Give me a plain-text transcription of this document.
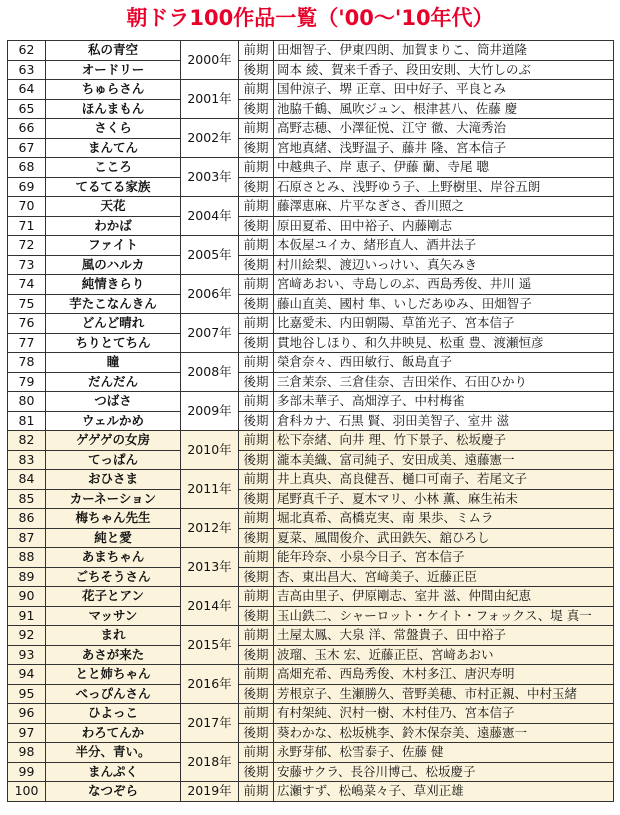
朝ドラ100作品一覧（'00〜'10年代）
62	私の青空	2000年	前期	田畑智子、伊東四朗、加賀まりこ、筒井道隆
63	オードリー		後期	岡本 綾、賀来千香子、段田安則、大竹しのぶ
64	ちゅらさん	2001年	前期	国仲涼子、堺 正章、田中好子、平良とみ
65	ほんまもん		後期	池脇千鶴、風吹ジュン、根津甚八、佐藤 慶
66	さくら	2002年	前期	高野志穂、小澤征悦、江守 徹、大滝秀治
67	まんてん		後期	宮地真緒、浅野温子、藤井 隆、宮本信子
68	こころ	2003年	前期	中越典子、岸 恵子、伊藤 蘭、寺尾 聰
69	てるてる家族		後期	石原さとみ、浅野ゆう子、上野樹里、岸谷五朗
70	天花	2004年	前期	藤澤恵麻、片平なぎさ、香川照之
71	わかば		後期	原田夏希、田中裕子、内藤剛志
72	ファイト	2005年	前期	本仮屋ユイカ、緒形直人、酒井法子
73	風のハルカ		後期	村川絵梨、渡辺いっけい、真矢みき
74	純情きらり	2006年	前期	宮﨑あおい、寺島しのぶ、西島秀俊、井川 遥
75	芋たこなんきん		後期	藤山直美、國村 隼、いしだあゆみ、田畑智子
76	どんど晴れ	2007年	前期	比嘉愛未、内田朝陽、草笛光子、宮本信子
77	ちりとてちん		後期	貫地谷しほり、和久井映見、松重 豊、渡瀬恒彦
78	瞳	2008年	前期	榮倉奈々、西田敏行、飯島直子
79	だんだん		後期	三倉茉奈、三倉佳奈、吉田栄作、石田ひかり
80	つばさ	2009年	前期	多部未華子、高畑淳子、中村梅雀
81	ウェルかめ		後期	倉科カナ、石黒 賢、羽田美智子、室井 滋
82	ゲゲゲの女房	2010年	前期	松下奈緒、向井 理、竹下景子、松坂慶子
83	てっぱん		後期	瀧本美織、富司純子、安田成美、遠藤憲一
84	おひさま	2011年	前期	井上真央、高良健吾、樋口可南子、若尾文子
85	カーネーション		後期	尾野真千子、夏木マリ、小林 薫、麻生祐未
86	梅ちゃん先生	2012年	前期	堀北真希、高橋克実、南 果歩、ミムラ
87	純と愛		後期	夏菜、風間俊介、武田鉄矢、舘ひろし
88	あまちゃん	2013年	前期	能年玲奈、小泉今日子、宮本信子
89	ごちそうさん		後期	杏、東出昌大、宮﨑美子、近藤正臣
90	花子とアン	2014年	前期	吉高由里子、伊原剛志、室井 滋、仲間由紀恵
91	マッサン		後期	玉山鉄二、シャーロット・ケイト・フォックス、堤 真一
92	まれ	2015年	前期	土屋太鳳、大泉 洋、常盤貴子、田中裕子
93	あさが来た		後期	波瑠、玉木 宏、近藤正臣、宮﨑あおい
94	とと姉ちゃん	2016年	前期	高畑充希、西島秀俊、木村多江、唐沢寿明
95	べっぴんさん		後期	芳根京子、生瀬勝久、菅野美穂、市村正親、中村玉緒
96	ひよっこ	2017年	前期	有村架純、沢村一樹、木村佳乃、宮本信子
97	わろてんか		後期	葵わかな、松坂桃李、鈴木保奈美、遠藤憲一
98	半分、青い。	2018年	前期	永野芽郁、松雪泰子、佐藤 健
99	まんぷく		後期	安藤サクラ、長谷川博己、松坂慶子
100	なつぞら	2019年	前期	広瀬すず、松嶋菜々子、草刈正雄
